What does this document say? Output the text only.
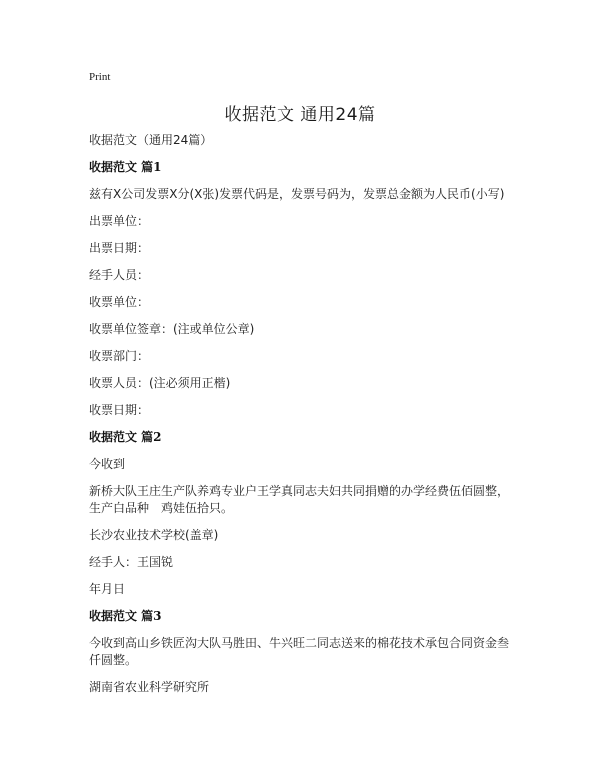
Print
收据范文 通用24篇

收据范文（通用24篇）

收据范文 篇1

兹有X公司发票X分(X张)发票代码是，发票号码为，发票总金额为人民币(小写)

出票单位：

出票日期：

经手人员：

收票单位：

收票单位签章：(注或单位公章)

收票部门：

收票人员：(注必须用正楷)

收票日期：

收据范文 篇2

今收到

新桥大队王庄生产队养鸡专业户王学真同志夫妇共同捐赠的办学经费伍佰圆整，生产白品种　鸡娃伍拾只。

长沙农业技术学校(盖章)

经手人：王国锐

年月日

收据范文 篇3

今收到高山乡铁匠沟大队马胜田、牛兴旺二同志送来的棉花技术承包合同资金叁仟圆整。

湖南省农业科学研究所
